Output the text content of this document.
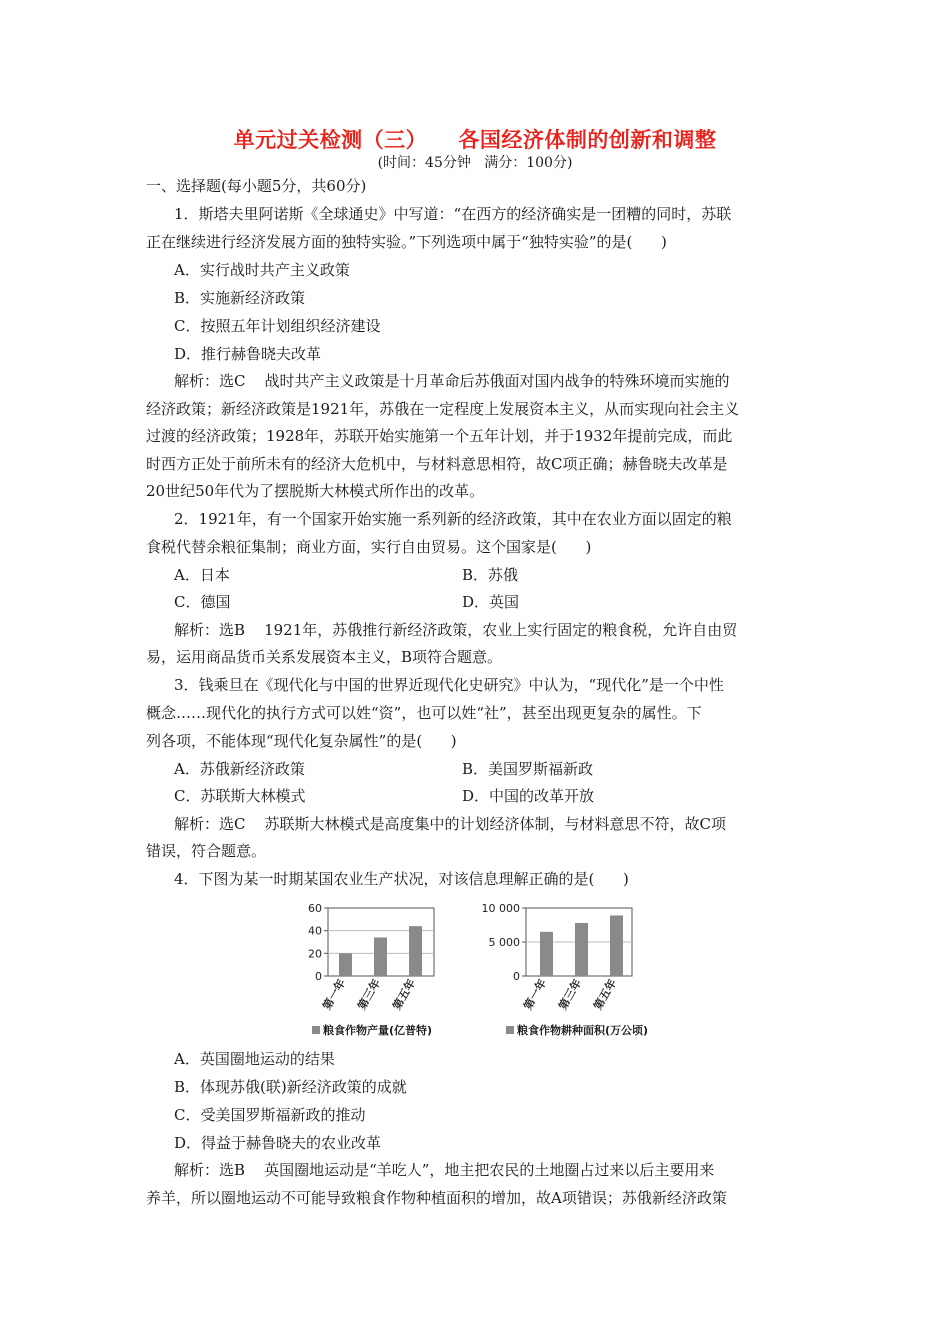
单元过关检测（三）    各国经济体制的创新和调整
(时间：45分钟   满分：100分)
一、选择题(每小题5分，共60分)
1．斯塔夫里阿诺斯《全球通史》中写道：“在西方的经济确实是一团糟的同时，苏联
正在继续进行经济发展方面的独特实验。”下列选项中属于“独特实验”的是(      )
A．实行战时共产主义政策
B．实施新经济政策
C．按照五年计划组织经济建设
D．推行赫鲁晓夫改革
解析：选C    战时共产主义政策是十月革命后苏俄面对国内战争的特殊环境而实施的
经济政策；新经济政策是1921年，苏俄在一定程度上发展资本主义，从而实现向社会主义
过渡的经济政策；1928年，苏联开始实施第一个五年计划，并于1932年提前完成，而此
时西方正处于前所未有的经济大危机中，与材料意思相符，故C项正确；赫鲁晓夫改革是
20世纪50年代为了摆脱斯大林模式所作出的改革。
2．1921年，有一个国家开始实施一系列新的经济政策，其中在农业方面以固定的粮
食税代替余粮征集制；商业方面，实行自由贸易。这个国家是(      )
A．日本	B．苏俄
C．德国	D．英国
解析：选B    1921年，苏俄推行新经济政策，农业上实行固定的粮食税，允许自由贸
易，运用商品货币关系发展资本主义，B项符合题意。
3．钱乘旦在《现代化与中国的世界近现代化史研究》中认为，“现代化”是一个中性
概念……现代化的执行方式可以姓“资”，也可以姓“社”，甚至出现更复杂的属性。下
列各项，不能体现“现代化复杂属性”的是(      )
A．苏俄新经济政策	B．美国罗斯福新政
C．苏联斯大林模式	D．中国的改革开放
解析：选C    苏联斯大林模式是高度集中的计划经济体制，与材料意思不符，故C项
错误，符合题意。
4．下图为某一时期某国农业生产状况，对该信息理解正确的是(      )
0
20
40
60
第一年 第三年 第五年
0
5 000
10 000
第一年 第三年 第五年
粮食作物产量(亿普特)	粮食作物耕种面积(万公顷)
A．英国圈地运动的结果
B．体现苏俄(联)新经济政策的成就
C．受美国罗斯福新政的推动
D．得益于赫鲁晓夫的农业改革
解析：选B    英国圈地运动是“羊吃人”，地主把农民的土地圈占过来以后主要用来
养羊，所以圈地运动不可能导致粮食作物种植面积的增加，故A项错误；苏俄新经济政策
